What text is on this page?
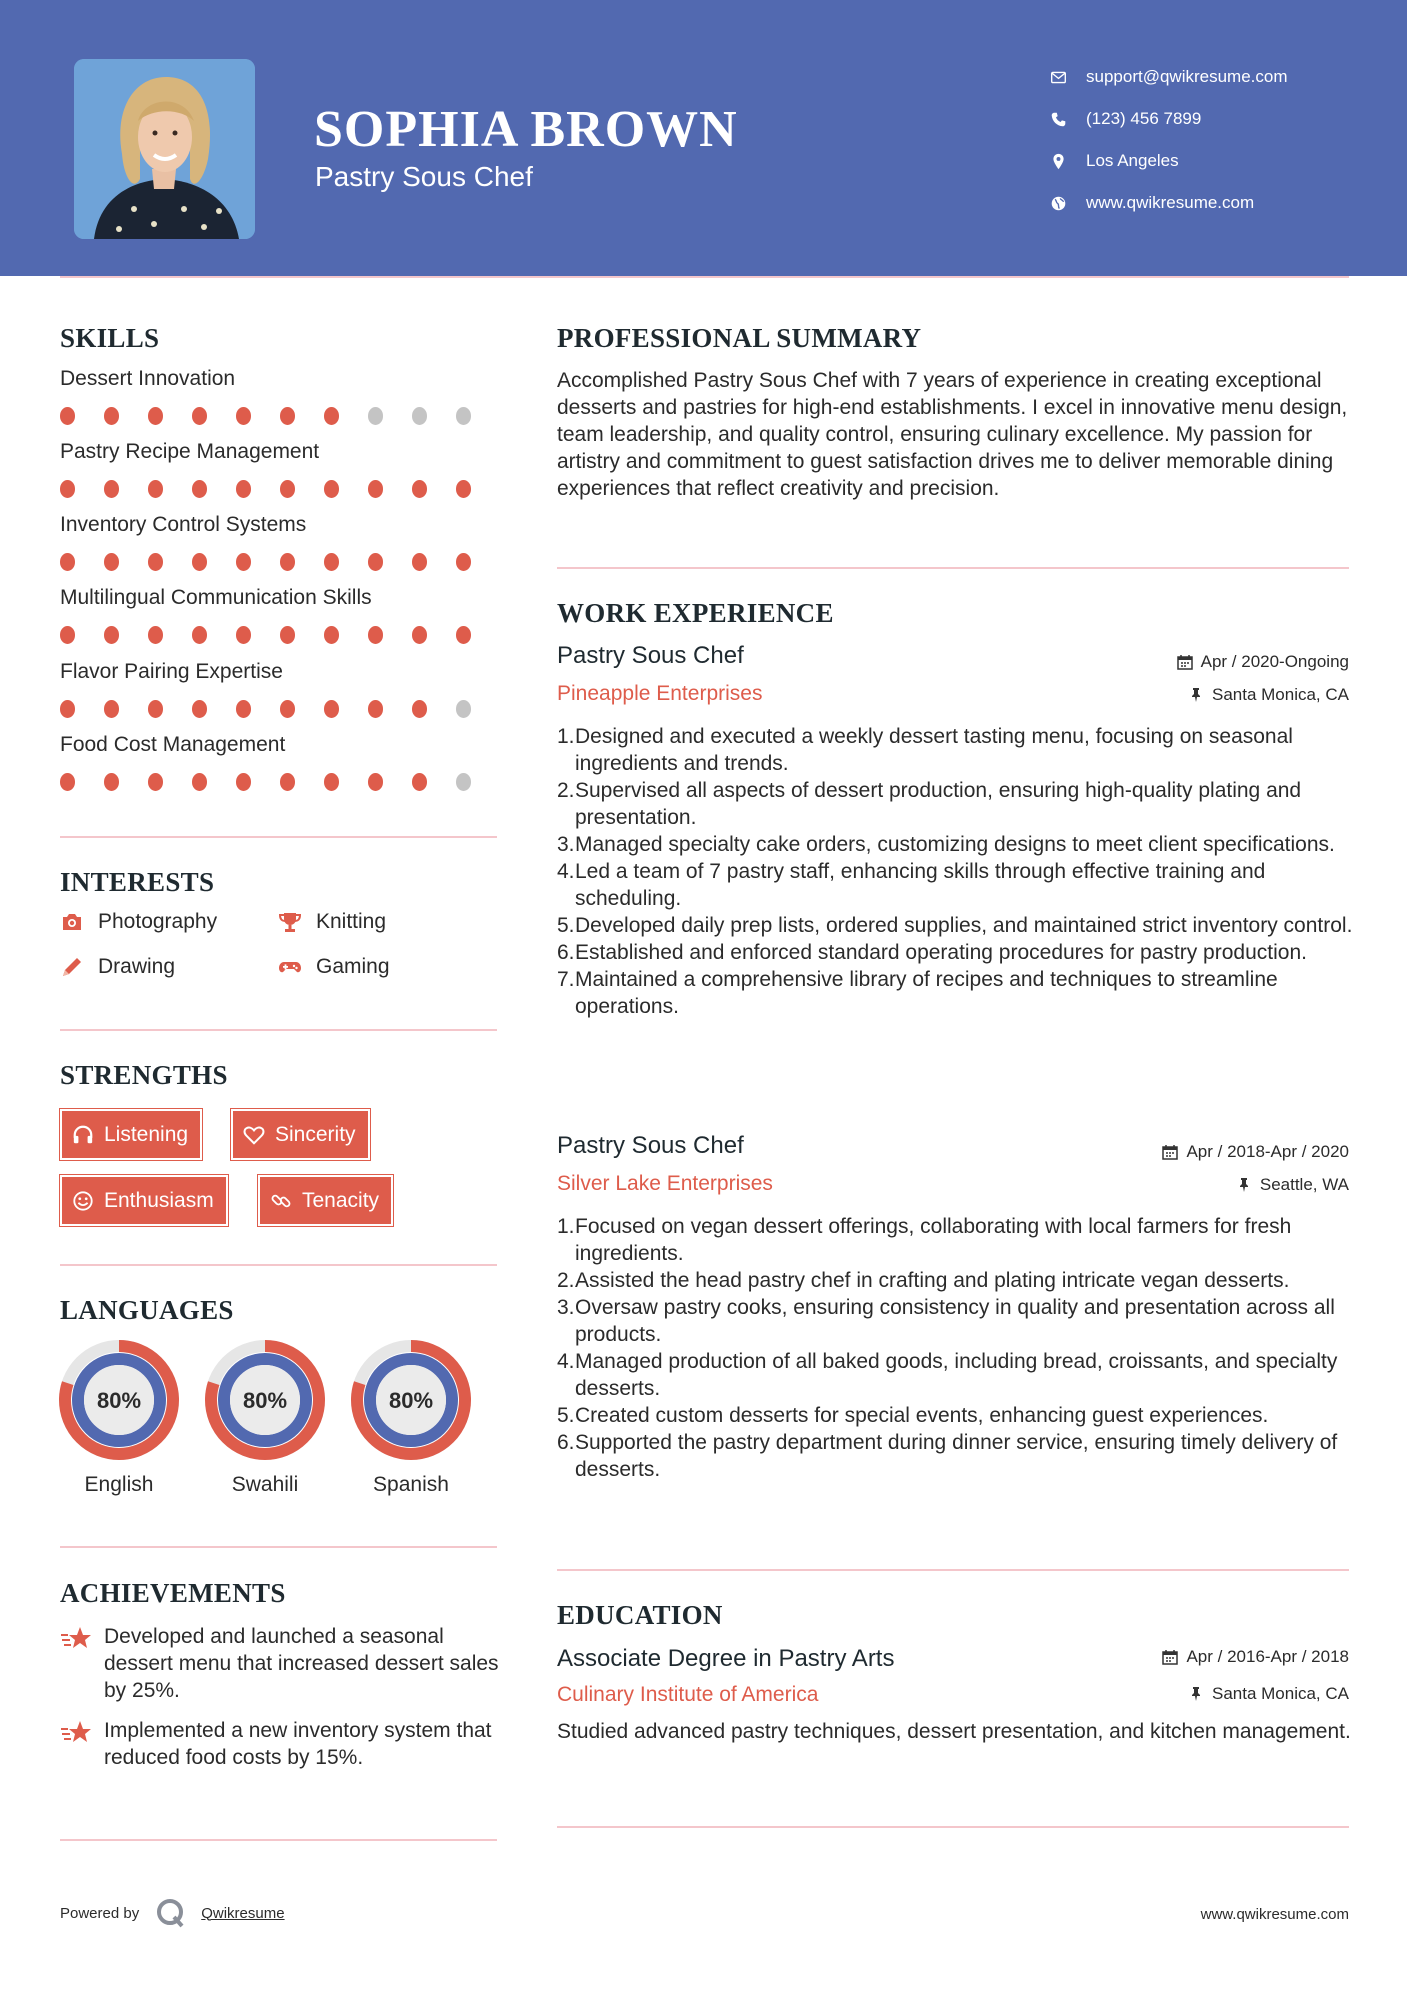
SOPHIA BROWN
Pastry Sous Chef
support@qwikresume.com
(123) 456 7899
Los Angeles
www.qwikresume.com
SKILLS
Dessert Innovation
Pastry Recipe Management
Inventory Control Systems
Multilingual Communication Skills
Flavor Pairing Expertise
Food Cost Management
INTERESTS
Photography	Knitting
Drawing	Gaming
STRENGTHS
Listening	Sincerity
Enthusiasm	Tenacity
LANGUAGES
80%
English
80%
Swahili
80%
Spanish
ACHIEVEMENTS
Developed and launched a seasonal dessert menu that increased dessert sales by 25%.
Implemented a new inventory system that reduced food costs by 15%.
PROFESSIONAL SUMMARY
Accomplished Pastry Sous Chef with 7 years of experience in creating exceptional desserts and pastries for high-end establishments. I excel in innovative menu design, team leadership, and quality control, ensuring culinary excellence. My passion for artistry and commitment to guest satisfaction drives me to deliver memorable dining experiences that reflect creativity and precision.
WORK EXPERIENCE
Pastry Sous Chef	Apr / 2020-Ongoing
Pineapple Enterprises	Santa Monica, CA
1. Designed and executed a weekly dessert tasting menu, focusing on seasonal ingredients and trends.
2. Supervised all aspects of dessert production, ensuring high-quality plating and presentation.
3. Managed specialty cake orders, customizing designs to meet client specifications.
4. Led a team of 7 pastry staff, enhancing skills through effective training and scheduling.
5. Developed daily prep lists, ordered supplies, and maintained strict inventory control.
6. Established and enforced standard operating procedures for pastry production.
7. Maintained a comprehensive library of recipes and techniques to streamline operations.
Pastry Sous Chef	Apr / 2018-Apr / 2020
Silver Lake Enterprises	Seattle, WA
1. Focused on vegan dessert offerings, collaborating with local farmers for fresh ingredients.
2. Assisted the head pastry chef in crafting and plating intricate vegan desserts.
3. Oversaw pastry cooks, ensuring consistency in quality and presentation across all products.
4. Managed production of all baked goods, including bread, croissants, and specialty desserts.
5. Created custom desserts for special events, enhancing guest experiences.
6. Supported the pastry department during dinner service, ensuring timely delivery of desserts.
EDUCATION
Associate Degree in Pastry Arts	Apr / 2016-Apr / 2018
Culinary Institute of America	Santa Monica, CA
Studied advanced pastry techniques, dessert presentation, and kitchen management.
Powered by	Qwikresume	www.qwikresume.com
